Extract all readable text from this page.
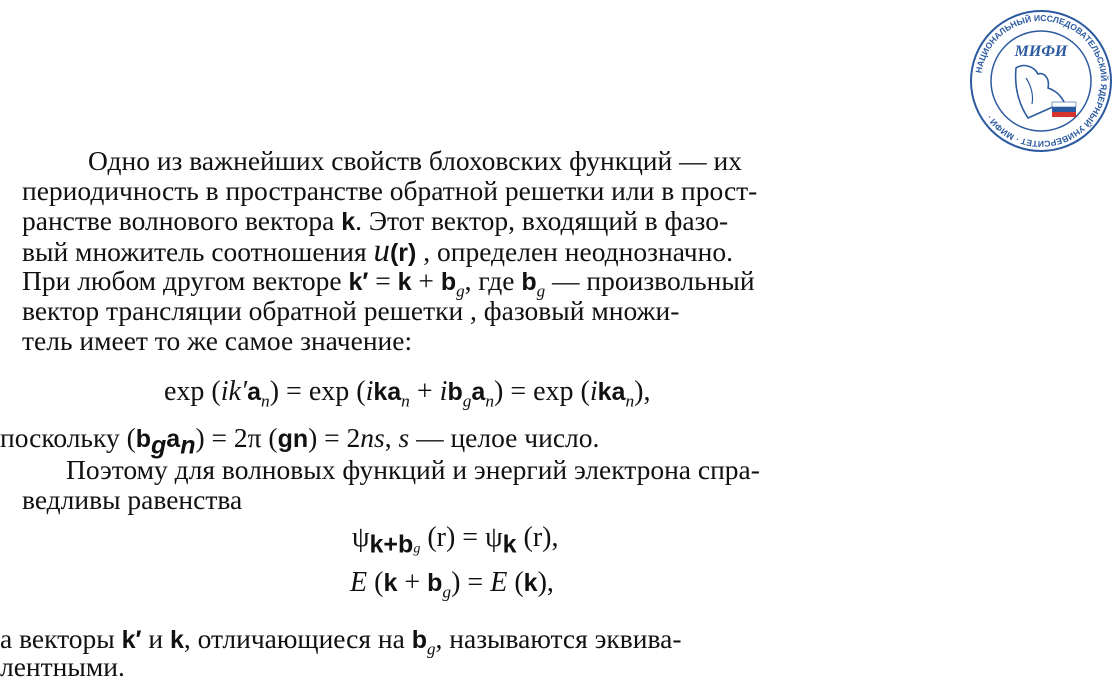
НАЦИОНАЛЬНЫЙ ИССЛЕДОВАТЕЛЬСКИЙ ЯДЕРНЫЙ УНИВЕРСИТЕТ · МИФИ ·
МИФИ
Одно из важнейших свойств блоховских функций — их
периодичность в пространстве обратной решетки или в прост-
ранстве волнового вектора k. Этот вектор, входящий в фазо-
вый множитель соотношения u(r) , определен неоднозначно.
При любом другом векторе $k' = k + b_g$, где $b_g$ — произвольный
вектор трансляции обратной решетки , фазовый множи-
тель имеет то же самое значение:
$\exp (ik'a_n) = \exp (ika_n + ib_ga_n) = \exp (ika_n)$,
поскольку $(b_ga_n) = 2\pi$ (gn) = 2ns, s — целое число.
Поэтому для волновых функций и энергий электрона спра-
ведливы равенства
$\psi_{k+bg}$ $(r) = \psi_k$ (r),
E $(k + b_g) = E$ (k),
а векторы k′ и k, отличающиеся на $b_g$, называются эквива-
лентными.
